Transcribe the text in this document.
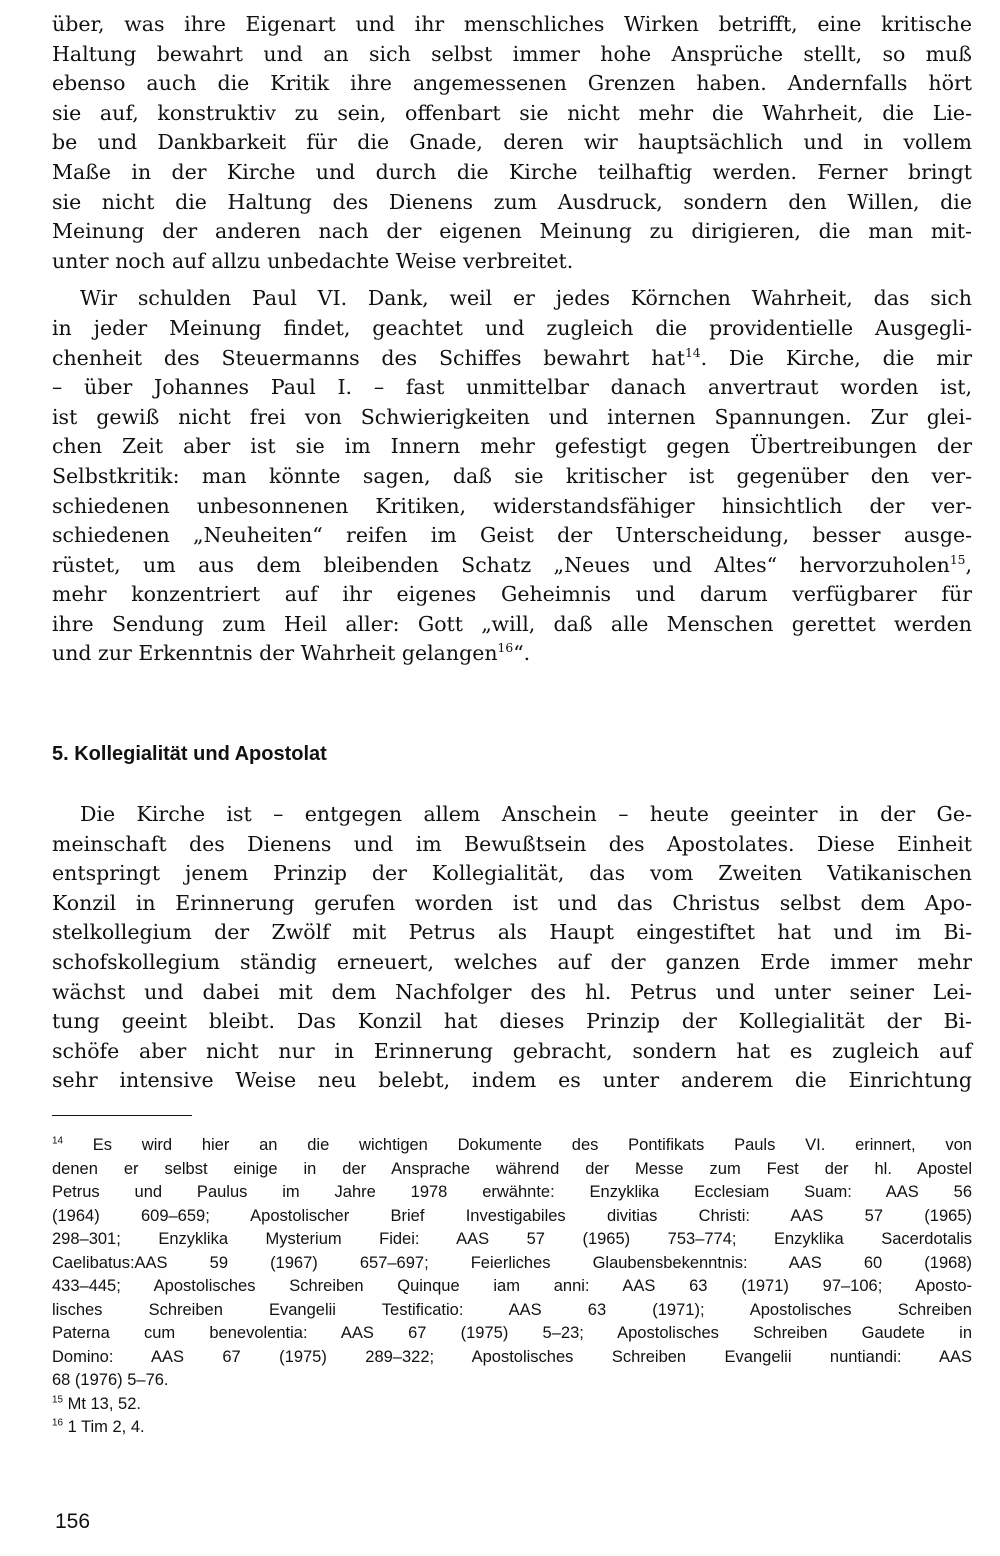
über, was ihre Eigenart und ihr menschliches Wirken betrifft, eine kritische
Haltung bewahrt und an sich selbst immer hohe Ansprüche stellt, so muß
ebenso auch die Kritik ihre angemessenen Grenzen haben. Andernfalls hört
sie auf, konstruktiv zu sein, offenbart sie nicht mehr die Wahrheit, die Lie-
be und Dankbarkeit für die Gnade, deren wir hauptsächlich und in vollem
Maße in der Kirche und durch die Kirche teilhaftig werden. Ferner bringt
sie nicht die Haltung des Dienens zum Ausdruck, sondern den Willen, die
Meinung der anderen nach der eigenen Meinung zu dirigieren, die man mit-
unter noch auf allzu unbedachte Weise verbreitet.

Wir schulden Paul VI. Dank, weil er jedes Körnchen Wahrheit, das sich
in jeder Meinung findet, geachtet und zugleich die providentielle Ausgegli-
chenheit des Steuermanns des Schiffes bewahrt hat$^{14}$. Die Kirche, die mir
– über Johannes Paul I. – fast unmittelbar danach anvertraut worden ist,
ist gewiß nicht frei von Schwierigkeiten und internen Spannungen. Zur glei-
chen Zeit aber ist sie im Innern mehr gefestigt gegen Übertreibungen der
Selbstkritik: man könnte sagen, daß sie kritischer ist gegenüber den ver-
schiedenen unbesonnenen Kritiken, widerstandsfähiger hinsichtlich der ver-
schiedenen „Neuheiten“ reifen im Geist der Unterscheidung, besser ausge-
rüstet, um aus dem bleibenden Schatz „Neues und Altes“ hervorzuholen$^{15}$,
mehr konzentriert auf ihr eigenes Geheimnis und darum verfügbarer für
ihre Sendung zum Heil aller: Gott „will, daß alle Menschen gerettet werden
und zur Erkenntnis der Wahrheit gelangen$^{16}$“.

5. Kollegialität und Apostolat

Die Kirche ist – entgegen allem Anschein – heute geeinter in der Ge-
meinschaft des Dienens und im Bewußtsein des Apostolates. Diese Einheit
entspringt jenem Prinzip der Kollegialität, das vom Zweiten Vatikanischen
Konzil in Erinnerung gerufen worden ist und das Christus selbst dem Apo-
stelkollegium der Zwölf mit Petrus als Haupt eingestiftet hat und im Bi-
schofskollegium ständig erneuert, welches auf der ganzen Erde immer mehr
wächst und dabei mit dem Nachfolger des hl. Petrus und unter seiner Lei-
tung geeint bleibt. Das Konzil hat dieses Prinzip der Kollegialität der Bi-
schöfe aber nicht nur in Erinnerung gebracht, sondern hat es zugleich auf
sehr intensive Weise neu belebt, indem es unter anderem die Einrichtung

$^{14}$ Es wird hier an die wichtigen Dokumente des Pontifikats Pauls VI. erinnert, von
denen er selbst einige in der Ansprache während der Messe zum Fest der hl. Apostel
Petrus und Paulus im Jahre 1978 erwähnte: Enzyklika Ecclesiam Suam: AAS 56
(1964) 609–659; Apostolischer Brief Investigabiles divitias Christi: AAS 57 (1965)
298–301; Enzyklika Mysterium Fidei: AAS 57 (1965) 753–774; Enzyklika Sacerdotalis
Caelibatus:AAS 59 (1967) 657–697; Feierliches Glaubensbekenntnis: AAS 60 (1968)
433–445; Apostolisches Schreiben Quinque iam anni: AAS 63 (1971) 97–106; Aposto-
lisches Schreiben Evangelii Testificatio: AAS 63 (1971); Apostolisches Schreiben
Paterna cum benevolentia: AAS 67 (1975) 5–23; Apostolisches Schreiben Gaudete in
Domino: AAS 67 (1975) 289–322; Apostolisches Schreiben Evangelii nuntiandi: AAS
68 (1976) 5–76.
$^{15}$ Mt 13, 52.
$^{16}$ 1 Tim 2, 4.
156
